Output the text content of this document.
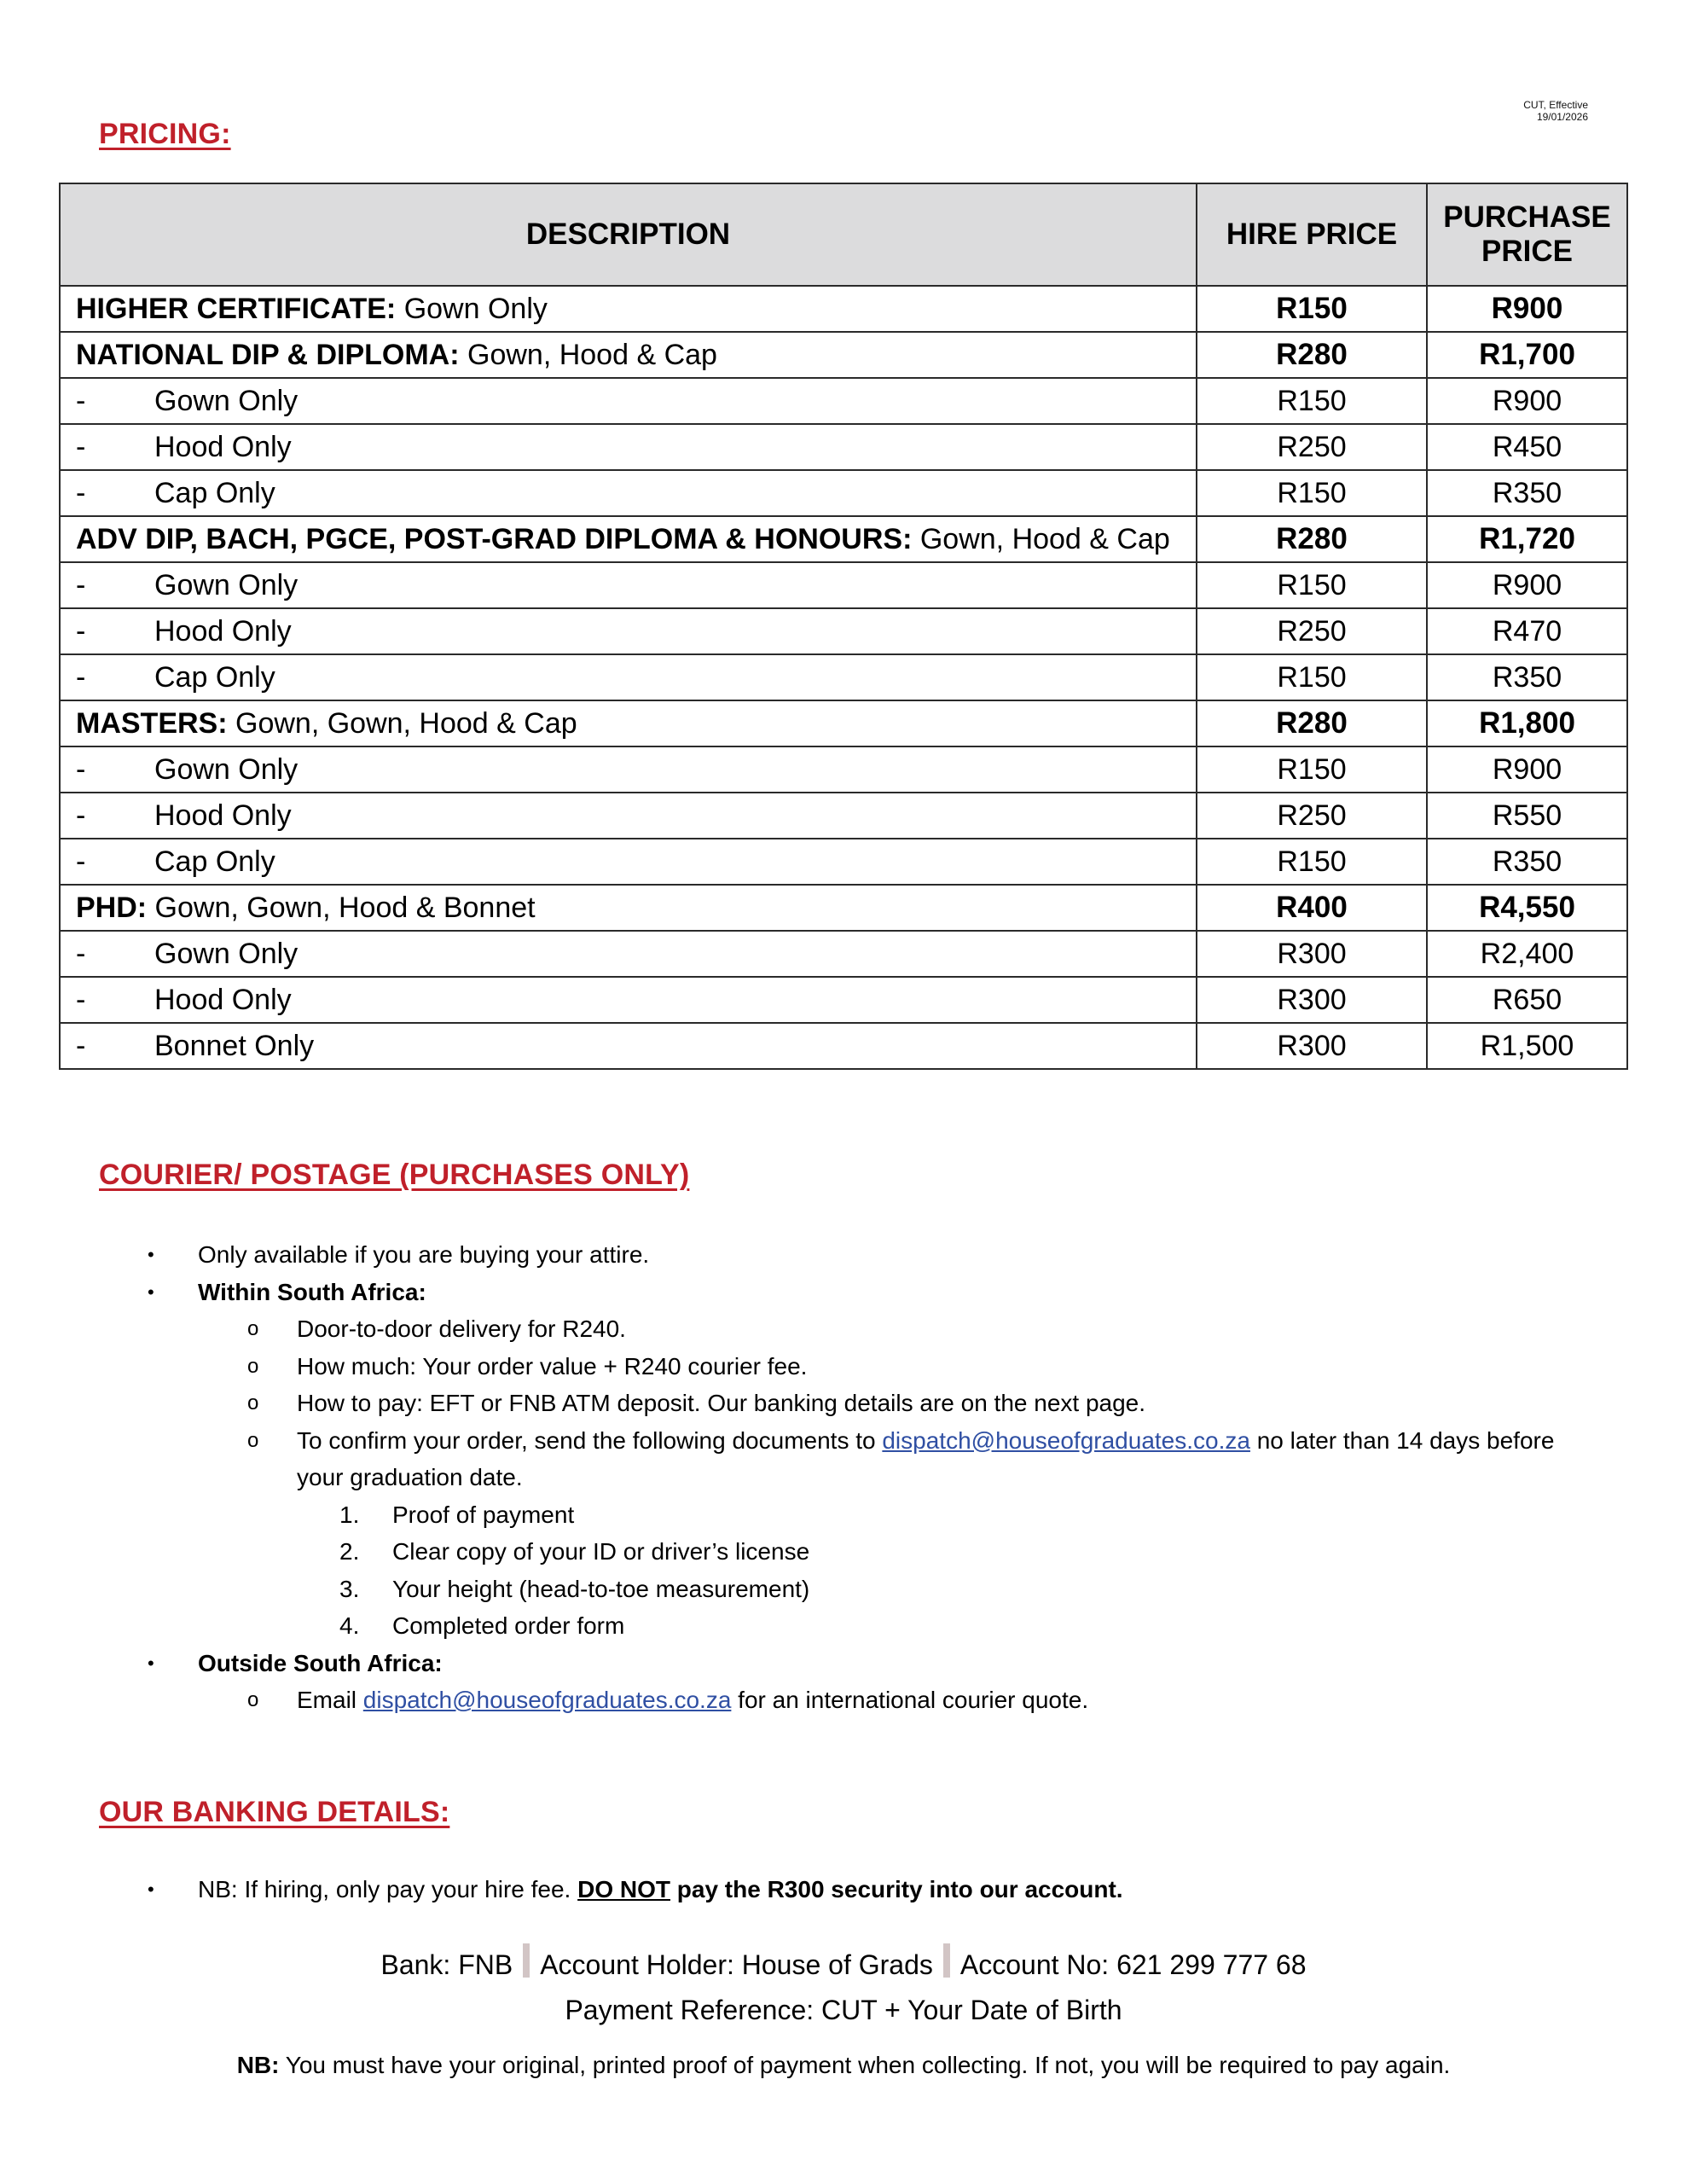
CUT, Effective
19/01/2026
PRICING:
DESCRIPTION	HIRE PRICE	PURCHASE
PRICE

HIGHER CERTIFICATE: Gown Only	R150	R900
NATIONAL DIP & DIPLOMA: Gown, Hood & Cap	R280	R1,700
- Gown Only	R150	R900
- Hood Only	R250	R450
- Cap Only	R150	R350
ADV DIP, BACH, PGCE, POST-GRAD DIPLOMA & HONOURS: Gown, Hood & Cap	R280	R1,720
- Gown Only	R150	R900
- Hood Only	R250	R470
- Cap Only	R150	R350
MASTERS: Gown, Gown, Hood & Cap	R280	R1,800
- Gown Only	R150	R900
- Hood Only	R250	R550
- Cap Only	R150	R350
PHD: Gown, Gown, Hood & Bonnet	R400	R4,550
- Gown Only	R300	R2,400
- Hood Only	R300	R650
- Bonnet Only	R300	R1,500
COURIER/ POSTAGE (PURCHASES ONLY)
• Only available if you are buying your attire.
• Within South Africa:
o Door-to-door delivery for R240.
o How much: Your order value + R240 courier fee.
o How to pay: EFT or FNB ATM deposit. Our banking details are on the next page.
o To confirm your order, send the following documents to dispatch@houseofgraduates.co.za no later than 14 days before
your graduation date.
1. Proof of payment
2. Clear copy of your ID or driver’s license
3. Your height (head-to-toe measurement)
4. Completed order form
• Outside South Africa:
o Email dispatch@houseofgraduates.co.za for an international courier quote.
OUR BANKING DETAILS:
• NB: If hiring, only pay your hire fee. DO NOT pay the R300 security into our account.
Bank: FNB Account Holder: House of Grads Account No: 621 299 777 68
Payment Reference: CUT + Your Date of Birth
NB: You must have your original, printed proof of payment when collecting. If not, you will be required to pay again.
